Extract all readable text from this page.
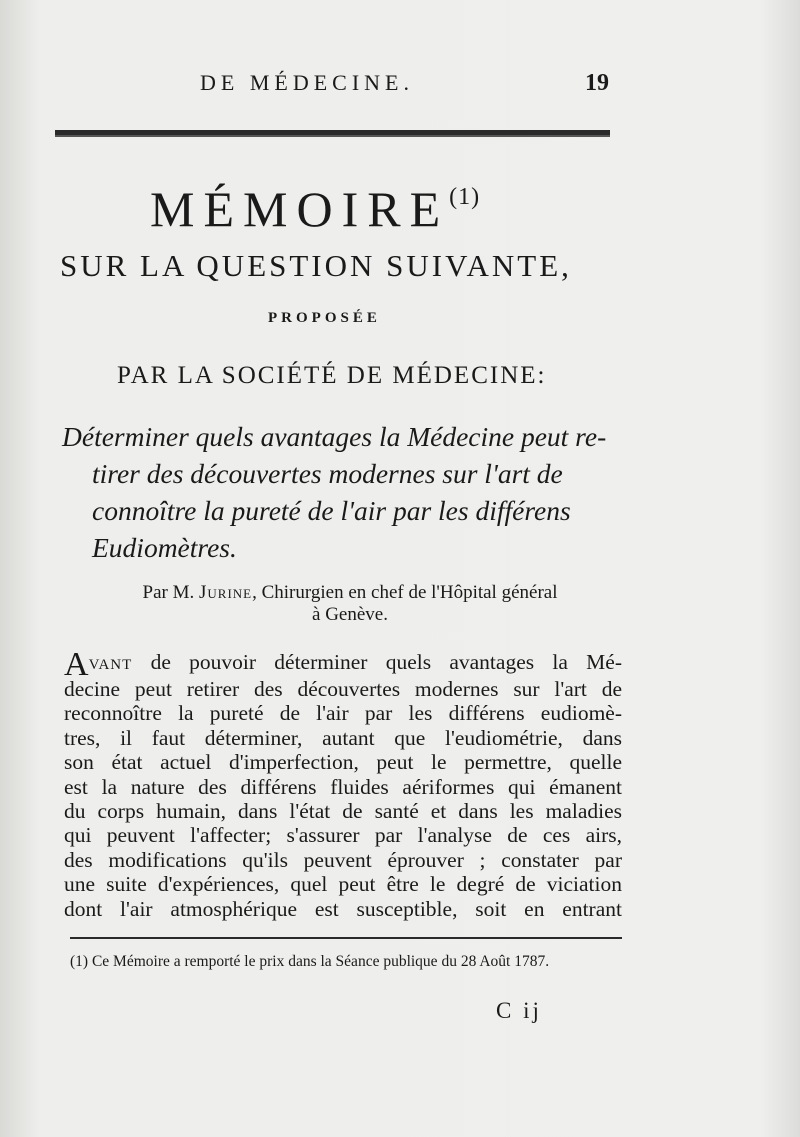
DE MÉDECINE.	19
MÉMOIRE$^{(1)}$
SUR LA QUESTION SUIVANTE,
PROPOSÉE
PAR LA SOCIÉTÉ DE MÉDECINE:
Déterminer quels avantages la Médecine peut re-
tirer des découvertes modernes sur l'art de
connoître la pureté de l'air par les différens
Eudiomètres.
Par M. Jurine, Chirurgien en chef de l'Hôpital général
à Genève.
Avant de pouvoir déterminer quels avantages la Mé-
decine peut retirer des découvertes modernes sur l'art de
reconnoître la pureté de l'air par les différens eudiomè-
tres, il faut déterminer, autant que l'eudiométrie, dans
son état actuel d'imperfection, peut le permettre, quelle
est la nature des différens fluides aériformes qui émanent
du corps humain, dans l'état de santé et dans les maladies
qui peuvent l'affecter; s'assurer par l'analyse de ces airs,
des modifications qu'ils peuvent éprouver ; constater par
une suite d'expériences, quel peut être le degré de viciation
dont l'air atmosphérique est susceptible, soit en entrant
(1) Ce Mémoire a remporté le prix dans la Séance publique du 28 Août 1787.
C ij
